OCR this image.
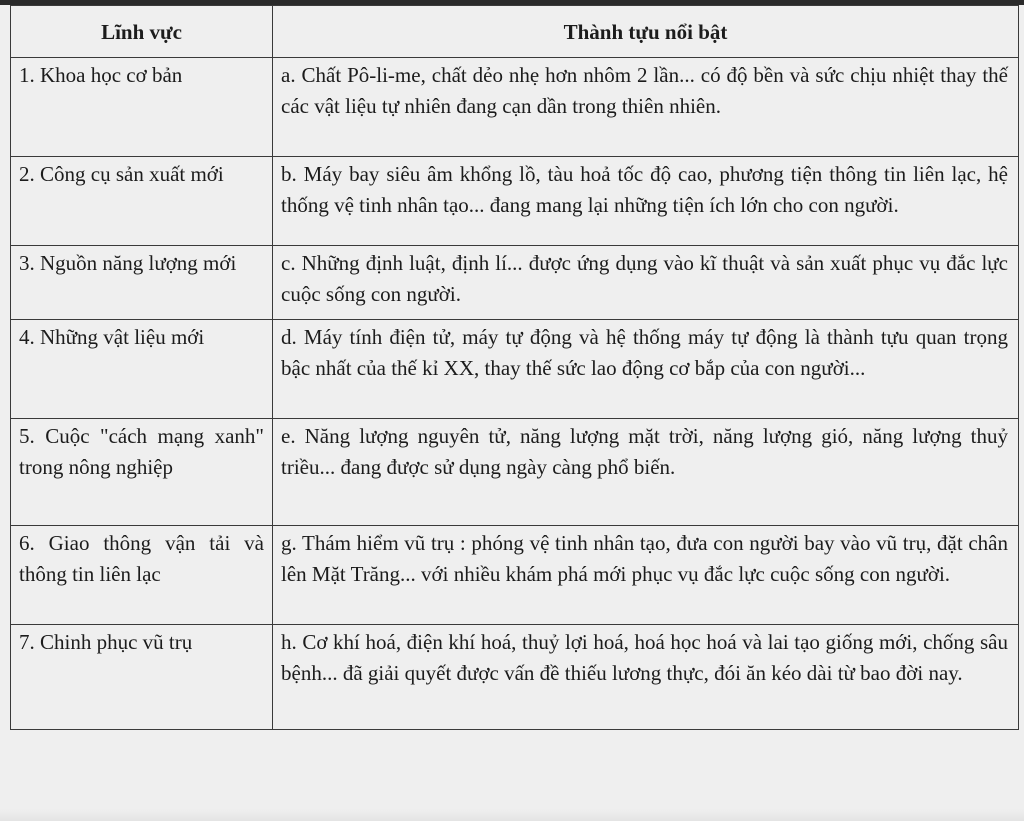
Lĩnh vực	Thành tựu nổi bật
1. Khoa học cơ bản	a. Chất Pô-li-me, chất dẻo nhẹ hơn nhôm 2 lần... có độ bền và sức chịu nhiệt thay thế các vật liệu tự nhiên đang cạn dần trong thiên nhiên.
2. Công cụ sản xuất mới	b. Máy bay siêu âm khổng lồ, tàu hoả tốc độ cao, phương tiện thông tin liên lạc, hệ thống vệ tinh nhân tạo... đang mang lại những tiện ích lớn cho con người.
3. Nguồn năng lượng mới	c. Những định luật, định lí... được ứng dụng vào kĩ thuật và sản xuất phục vụ đắc lực cuộc sống con người.
4. Những vật liệu mới	d. Máy tính điện tử, máy tự động và hệ thống máy tự động là thành tựu quan trọng bậc nhất của thế kỉ XX, thay thế sức lao động cơ bắp của con người...
5. Cuộc "cách mạng xanh" trong nông nghiệp	e. Năng lượng nguyên tử, năng lượng mặt trời, năng lượng gió, năng lượng thuỷ triều... đang được sử dụng ngày càng phổ biến.
6. Giao thông vận tải và thông tin liên lạc	g. Thám hiểm vũ trụ : phóng vệ tinh nhân tạo, đưa con người bay vào vũ trụ, đặt chân lên Mặt Trăng... với nhiều khám phá mới phục vụ đắc lực cuộc sống con người.
7. Chinh phục vũ trụ	h. Cơ khí hoá, điện khí hoá, thuỷ lợi hoá, hoá học hoá và lai tạo giống mới, chống sâu bệnh... đã giải quyết được vấn đề thiếu lương thực, đói ăn kéo dài từ bao đời nay.
